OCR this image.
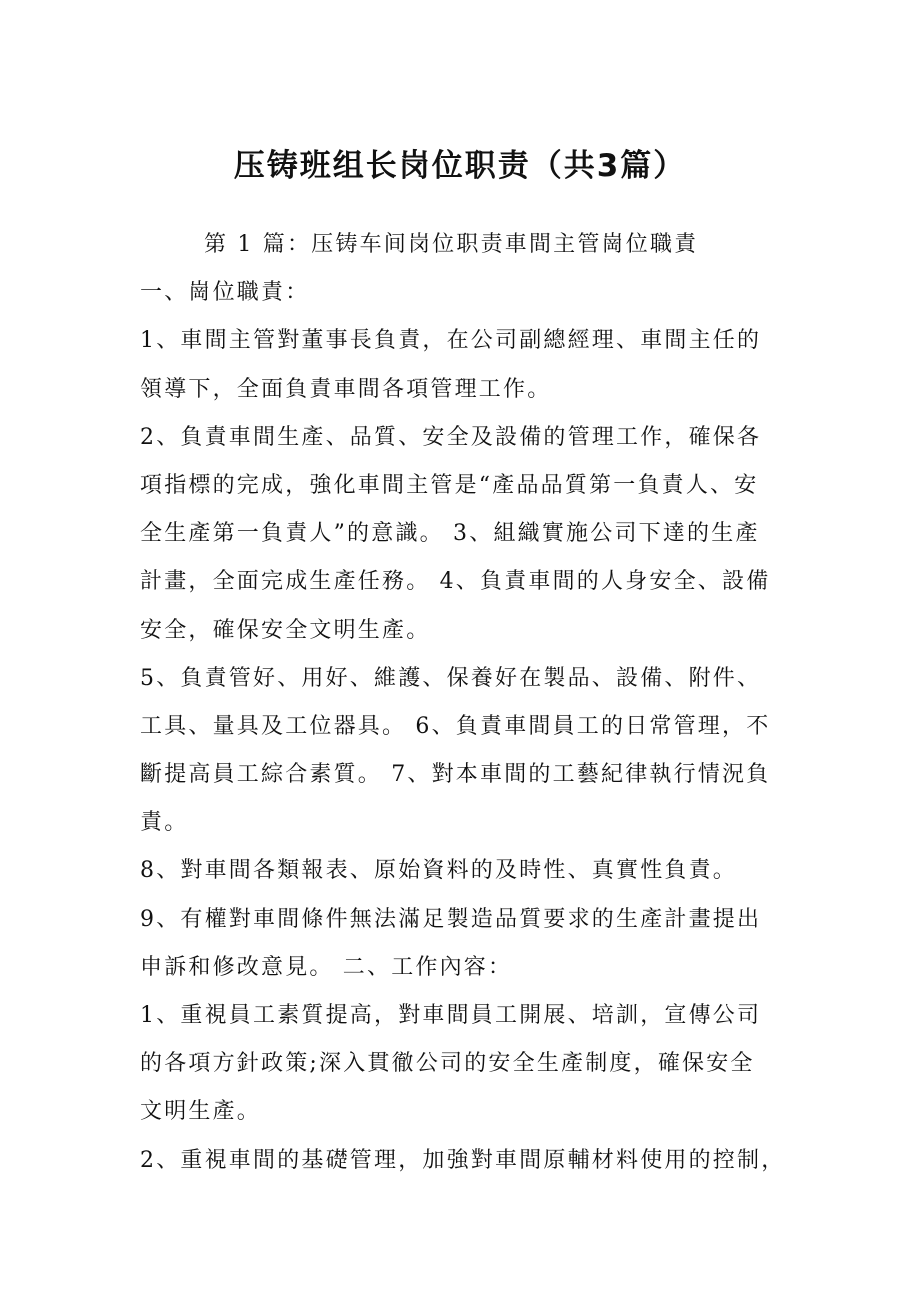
压铸班组长岗位职责（共3篇）
第 1 篇：压铸车间岗位职责車間主管崗位職責
一、崗位職責：
1、車間主管對董事長負責，在公司副總經理、車間主任的
領導下，全面負責車間各項管理工作。
2、負責車間生產、品質、安全及設備的管理工作，確保各
項指標的完成，強化車間主管是“產品品質第一負責人、安
全生產第一負責人”的意識。 3、組織實施公司下達的生產
計畫，全面完成生產任務。 4、負責車間的人身安全、設備
安全，確保安全文明生產。
5、負責管好、用好、維護、保養好在製品、設備、附件、
工具、量具及工位器具。 6、負責車間員工的日常管理，不
斷提高員工綜合素質。 7、對本車間的工藝紀律執行情況負
責。
8、對車間各類報表、原始資料的及時性、真實性負責。
9、有權對車間條件無法滿足製造品質要求的生產計畫提出
申訴和修改意見。 二、工作內容：
1、重視員工素質提高，對車間員工開展、培訓，宣傳公司
的各項方針政策;深入貫徹公司的安全生產制度，確保安全
文明生產。
2、重視車間的基礎管理，加強對車間原輔材料使用的控制，
